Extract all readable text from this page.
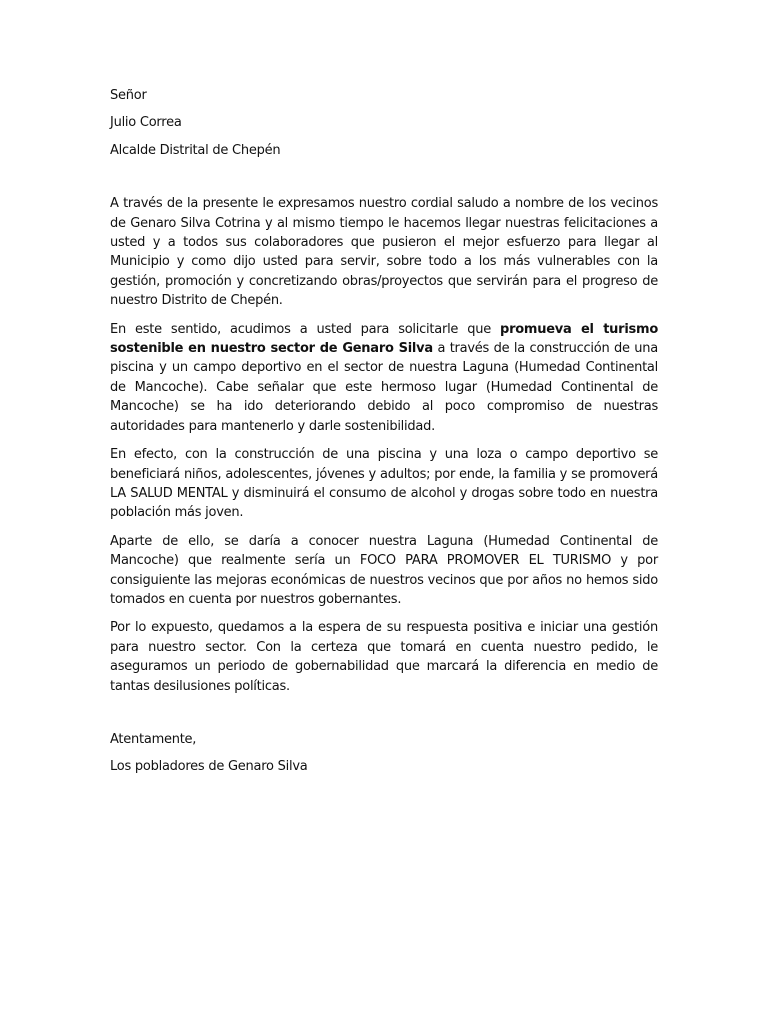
Señor

Julio Correa

Alcalde Distrital de Chepén

A través de la presente le expresamos nuestro cordial saludo a nombre de los vecinos de Genaro Silva Cotrina y al mismo tiempo le hacemos llegar nuestras felicitaciones a usted y a todos sus colaboradores que pusieron el mejor esfuerzo para llegar al Municipio y como dijo usted para servir, sobre todo a los más vulnerables con la gestión, promoción y concretizando obras/proyectos que servirán para el progreso de nuestro Distrito de Chepén.

En este sentido, acudimos a usted para solicitarle que promueva el turismo sostenible en nuestro sector de Genaro Silva a través de la construcción de una piscina y un campo deportivo en el sector de nuestra Laguna (Humedad Continental de Mancoche). Cabe señalar que este hermoso lugar (Humedad Continental de Mancoche) se ha ido deteriorando debido al poco compromiso de nuestras autoridades para mantenerlo y darle sostenibilidad.

En efecto, con la construcción de una piscina y una loza o campo deportivo se beneficiará niños, adolescentes, jóvenes y adultos; por ende, la familia y se promoverá LA SALUD MENTAL y disminuirá el consumo de alcohol y drogas sobre todo en nuestra población más joven.

Aparte de ello, se daría a conocer nuestra Laguna (Humedad Continental de Mancoche) que realmente sería un FOCO PARA PROMOVER EL TURISMO y por consiguiente las mejoras económicas de nuestros vecinos que por años no hemos sido tomados en cuenta por nuestros gobernantes.

Por lo expuesto, quedamos a la espera de su respuesta positiva e iniciar una gestión para nuestro sector. Con la certeza que tomará en cuenta nuestro pedido, le aseguramos un periodo de gobernabilidad que marcará la diferencia en medio de tantas desilusiones políticas.

Atentamente,

Los pobladores de Genaro Silva
